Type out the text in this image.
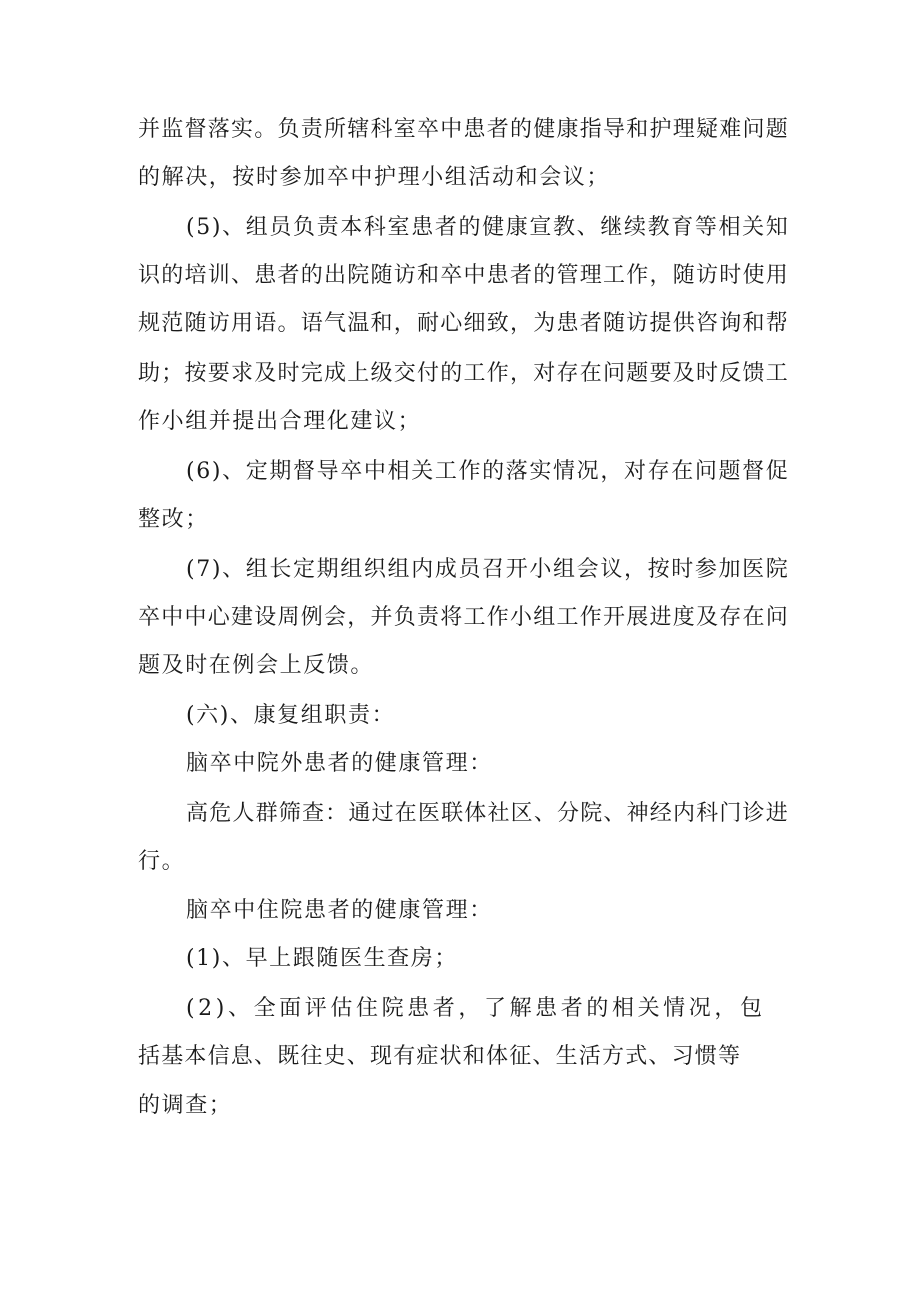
并 监 督 落 实 。 负 责 所 辖 科 室 卒 中 患 者 的 健 康 指 导 和 护 理 疑 难 问 题
的解决，按时参加卒中护理小组活动和会议；
( 5 ) 、 组 员 负 责 本 科 室 患 者 的 健 康 宣 教 、 继 续 教 育 等 相 关 知
识 的 培 训 、 患 者 的 出 院 随 访 和 卒 中 患 者 的 管 理 工 作 ， 随 访 时 使 用
规 范 随 访 用 语 。 语 气 温 和 ， 耐 心 细 致 ， 为 患 者 随 访 提 供 咨 询 和 帮
助 ； 按 要 求 及 时 完 成 上 级 交 付 的 工 作 ， 对 存 在 问 题 要 及 时 反 馈 工
作小组并提出合理化建议；
( 6 ) 、 定 期 督 导 卒 中 相 关 工 作 的 落 实 情 况 ， 对 存 在 问 题 督 促
整改；
( 7 ) 、 组 长 定 期 组 织 组 内 成 员 召 开 小 组 会 议 ， 按 时 参 加 医 院
卒 中 中 心 建 设 周 例 会 ， 并 负 责 将 工 作 小 组 工 作 开 展 进 度 及 存 在 问
题及时在例会上反馈。
(六)、康复组职责：
脑卒中院外患者的健康管理：
高 危 人 群 筛 查 ： 通 过 在 医 联 体 社 区 、 分 院 、 神 经 内 科 门 诊 进
行。
脑卒中住院患者的健康管理：
(1)、早上跟随医生查房；
(2)、全面评估住院患者，了解患者的相关情况，包
括基本信息、既往史、现有症状和体征、生活方式、习惯等
的调查；
